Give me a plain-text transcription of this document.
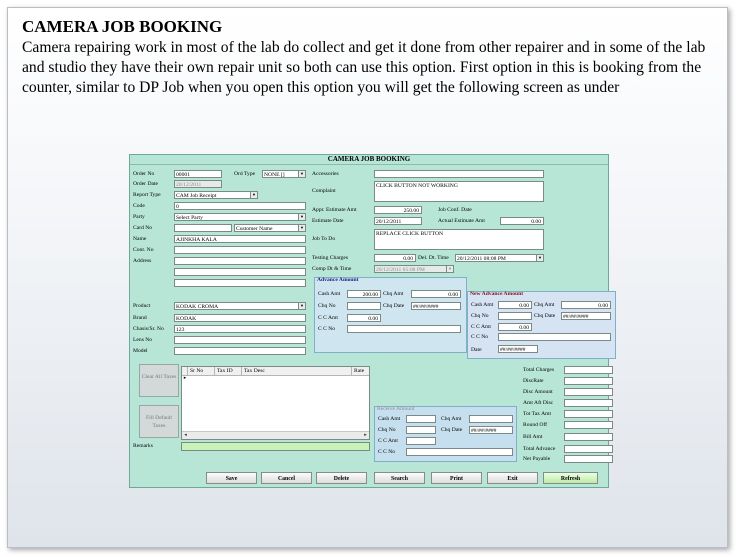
CAMERA JOB BOOKING
Camera repairing work in most of the lab do collect and get it done from other repairer and in some of the lab and studio they have their own repair unit so both can use this option. First option in this is booking from the counter, similar to DP Job when you open this option you will get the following screen as under
CAMERA JOB BOOKING
Order No	00001	Ord Type	NONE []	▼
Order Date	20/12/2011
Report Type	CAM Job Receipt	▼
Code	0
Party	Select Party	▼
Card No	Customer Name	▼
Name	AJINKHA KALA
Cont. No
Address
Product	KODAK CROMA	▼
Brand	KODAK
Chasis/Sr. No	123
Lens No
Model
Accessories
Complaint
CLICK BUTTON NOT WORKING
Appr. Estimate Amt	250.00	Job Conf. Date
Estimate Date	20/12/2011	Actual Estimate Amt	0.00
Job To Do
REPLACE CLICK BUTTON
Testing Charges	0.00 Del. Dt. Time	20/12/2011 08:08 PM	▼
Comp Dt & Time	20/12/2011 05:08 PM	▼
Advance Amount
Cash Amt	200.00 Chq Amt	0.00
Chq No	Chq Date	##/##/####
C C Amt	0.00
C C No
New Advance Amount
Cash Amt	0.00 Chq Amt	0.00
Chq No	Chq Date	##/##/####
C C Amt	0.00
C C No
Date	##/##/####
Clear All Taxes
Fill Default Taxes
Sr No	Tax ID	Tax Desc	Rate
▸
◂	▸
Remarks
Receive Amount
Cash Amt	Chq Amt
Chq No	Chq Date	##/##/####
C C Amt
C C No
Total Charges
DiscRate
Disc Amount
Amt Aft Disc
Tot Tax Amt
Round Off
Bill Amt
Total Advance
Net Payable
Save	Cancel	Delete	Search	Print	Exit	Refresh
